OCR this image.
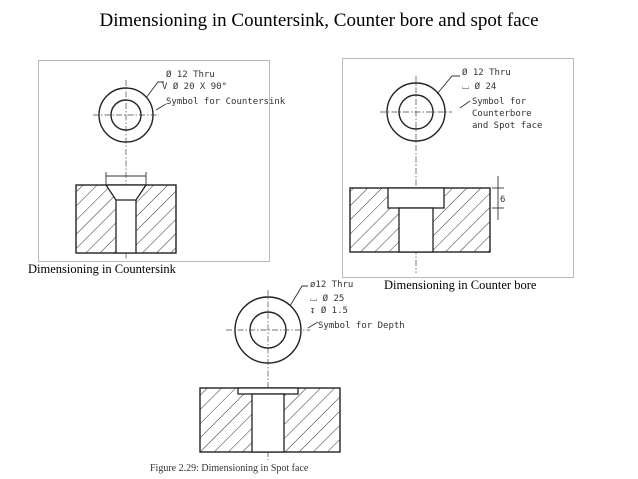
Dimensioning in Countersink, Counter bore and spot face
Ø 12 Thru
V Ø 20 X 90°
Symbol for Countersink
Dimensioning in Countersink
Ø 12 Thru
⌴ Ø 24
Symbol for
Counterbore
and Spot face
6
Dimensioning in Counter bore
ø12 Thru
⌴ Ø 25
↧ Ø 1.5
Symbol for Depth
Figure 2.29: Dimensioning in Spot face
